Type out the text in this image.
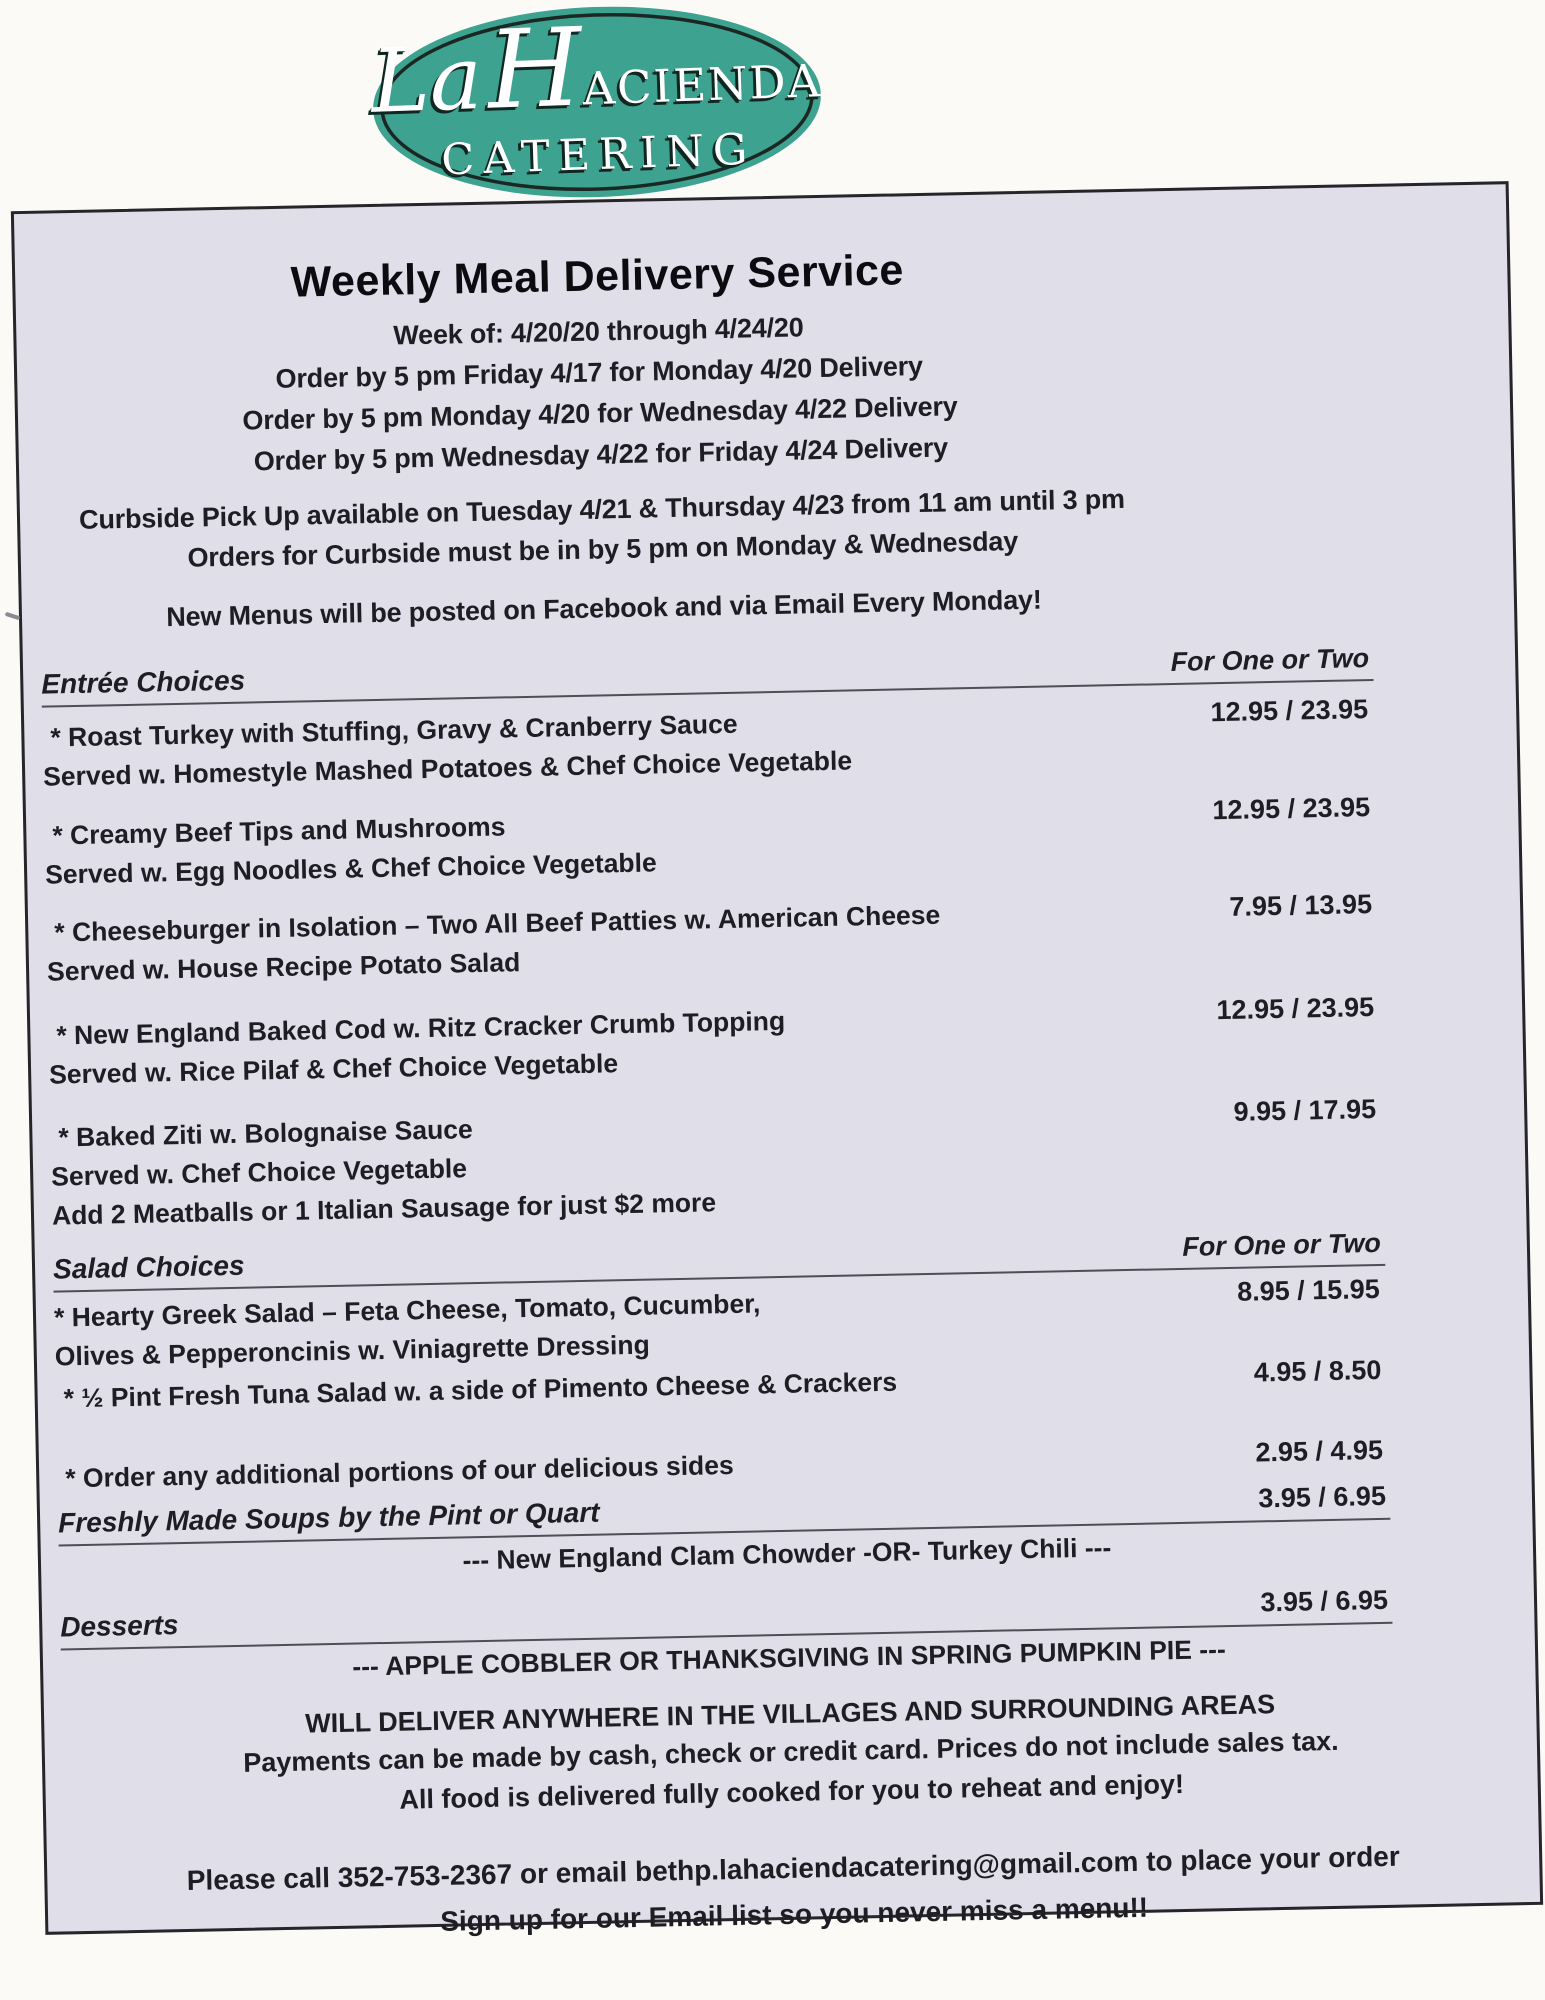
Weekly Meal Delivery Service
Week of: 4/20/20 through 4/24/20
Order by 5 pm Friday 4/17 for Monday 4/20 Delivery
Order by 5 pm Monday 4/20 for Wednesday 4/22 Delivery
Order by 5 pm Wednesday 4/22 for Friday 4/24 Delivery
Curbside Pick Up available on Tuesday 4/21 & Thursday 4/23 from 11 am until 3 pm
Orders for Curbside must be in by 5 pm on Monday & Wednesday
New Menus will be posted on Facebook and via Email Every Monday!
Entrée Choices
For One or Two
* Roast Turkey with Stuffing, Gravy & Cranberry Sauce
Served w. Homestyle Mashed Potatoes & Chef Choice Vegetable
12.95 / 23.95
* Creamy Beef Tips and Mushrooms
Served w. Egg Noodles & Chef Choice Vegetable
12.95 / 23.95
* Cheeseburger in Isolation – Two All Beef Patties w. American Cheese
Served w. House Recipe Potato Salad
7.95 / 13.95
* New England Baked Cod w. Ritz Cracker Crumb Topping
Served w. Rice Pilaf & Chef Choice Vegetable
12.95 / 23.95
* Baked Ziti w. Bolognaise Sauce
Served w. Chef Choice Vegetable
Add 2 Meatballs or 1 Italian Sausage for just $2 more
9.95 / 17.95
Salad Choices
For One or Two
* Hearty Greek Salad – Feta Cheese, Tomato, Cucumber,
Olives & Pepperoncinis w. Viniagrette Dressing
8.95 / 15.95
* ½ Pint Fresh Tuna Salad w. a side of Pimento Cheese & Crackers	4.95 / 8.50
* Order any additional portions of our delicious sides	2.95 / 4.95
Freshly Made Soups by the Pint or Quart	3.95 / 6.95
--- New England Clam Chowder -OR- Turkey Chili ---
Desserts
3.95 / 6.95
--- APPLE COBBLER OR THANKSGIVING IN SPRING PUMPKIN PIE ---
WILL DELIVER ANYWHERE IN THE VILLAGES AND SURROUNDING AREAS
Payments can be made by cash, check or credit card. Prices do not include sales tax.
All food is delivered fully cooked for you to reheat and enjoy!
Please call 352-753-2367 or email bethp.lahaciendacatering@gmail.com to place your order
Sign up for our Email list so you never miss a menu!!
LaHACIENDA
CATERING
